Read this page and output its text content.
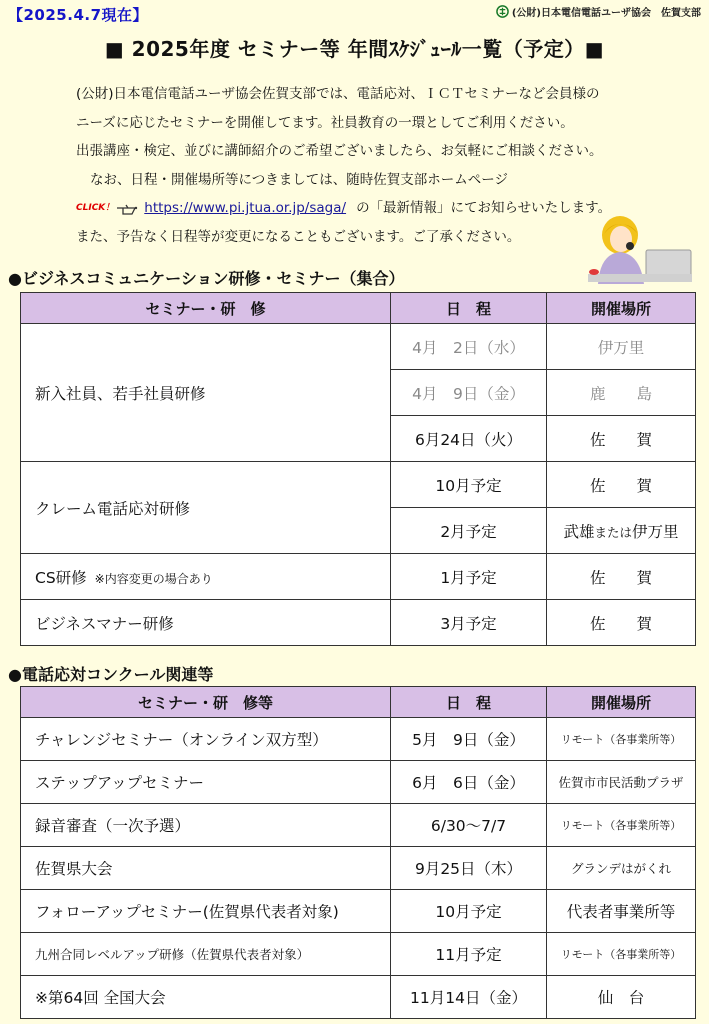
【2025.4.7現在】	(公財)日本電信電話ユーザ協会　佐賀支部
■ 2025年度 セミナー等 年間ｽｹｼﾞｭｰﾙ一覧（予定）■

(公財)日本電信電話ユーザ協会佐賀支部では、電話応対、ＩＣＴセミナーなど会員様の

ニーズに応じたセミナーを開催してます。社員教育の一環としてご利用ください。

出張講座・検定、並びに講師紹介のご希望ございましたら、お気軽にご相談ください。

なお、日程・開催場所等につきましては、随時佐賀支部ホームページ

CLICK！ https://www.pi.jtua.or.jp/saga/ の「最新情報」にてお知らせいたします。

また、予告なく日程等が変更になることもございます。ご了承ください。

●ビジネスコミュニケーション研修・セミナー（集合）
セミナー・研　修	日　程	開催場所
新入社員、若手社員研修	4月　2日（水）	伊万里
	4月　9日（金）	鹿　　島
	6月24日（火）	佐　　賀
クレーム電話応対研修	10月予定	佐　　賀
	2月予定	武雄または伊万里
CS研修 ※内容変更の場合あり	1月予定	佐　　賀
ビジネスマナー研修	3月予定	佐　　賀
●電話応対コンクール関連等
セミナー・研　修等	日　程	開催場所
チャレンジセミナー（オンライン双方型）	5月　9日（金）	リモート（各事業所等）
ステップアップセミナー	6月　6日（金）	佐賀市市民活動プラザ
録音審査（一次予選）	6/30～7/7	リモート（各事業所等）
佐賀県大会	9月25日（木）	グランデはがくれ
フォローアップセミナー(佐賀県代表者対象)	10月予定	代表者事業所等
九州合同レベルアップ研修（佐賀県代表者対象）	11月予定	リモート（各事業所等）
※第64回 全国大会	11月14日（金）	仙　台
